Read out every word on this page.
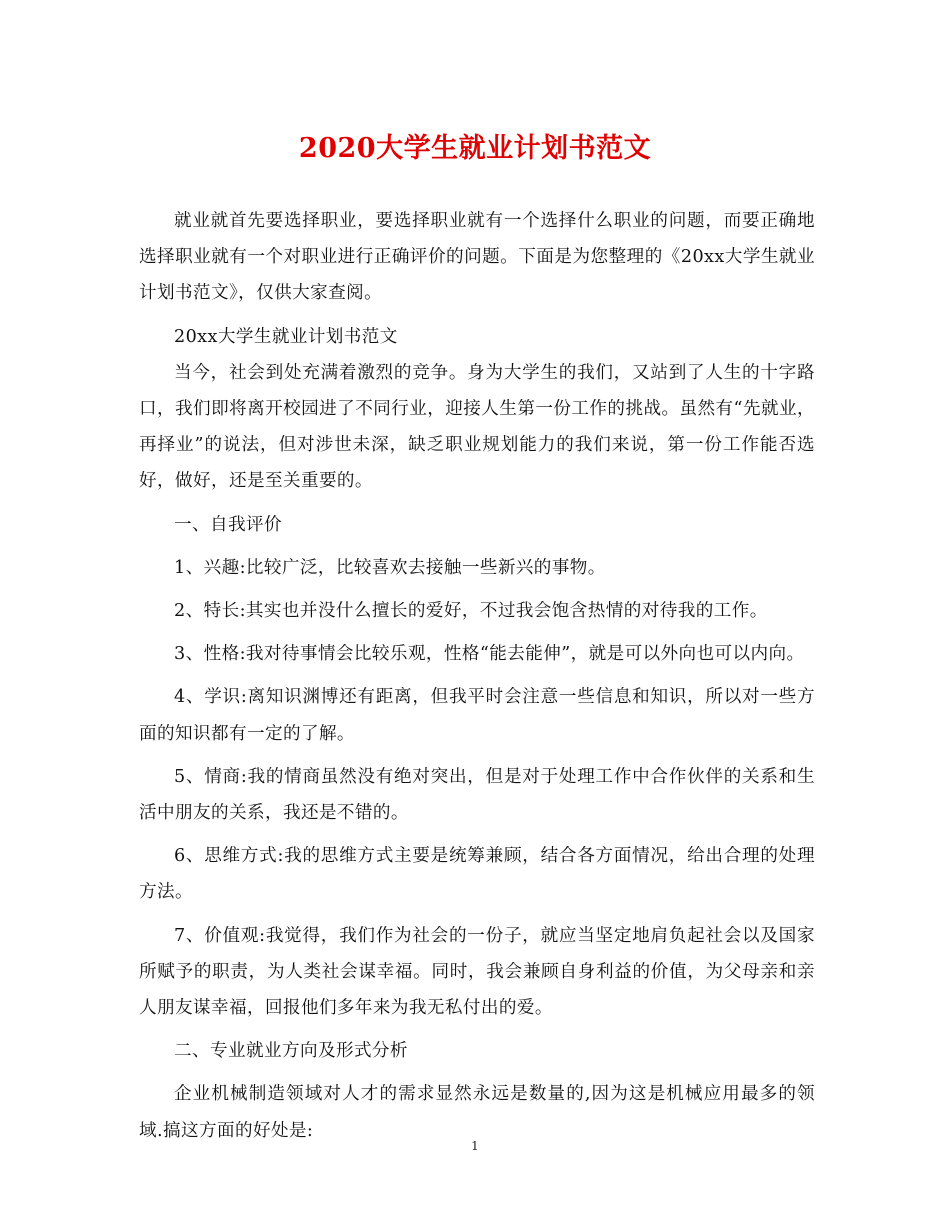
2020大学生就业计划书范文

就业就首先要选择职业，要选择职业就有一个选择什么职业的问题，而要正确地选择职业就有一个对职业进行正确评价的问题。下面是为您整理的《20xx大学生就业计划书范文》，仅供大家查阅。

20xx大学生就业计划书范文

当今，社会到处充满着激烈的竞争。身为大学生的我们，又站到了人生的十字路口，我们即将离开校园进了不同行业，迎接人生第一份工作的挑战。虽然有“先就业，再择业”的说法，但对涉世未深，缺乏职业规划能力的我们来说，第一份工作能否选好，做好，还是至关重要的。

一、自我评价

1、兴趣:比较广泛，比较喜欢去接触一些新兴的事物。

2、特长:其实也并没什么擅长的爱好，不过我会饱含热情的对待我的工作。

3、性格:我对待事情会比较乐观，性格“能去能伸”，就是可以外向也可以内向。

4、学识:离知识渊博还有距离，但我平时会注意一些信息和知识，所以对一些方面的知识都有一定的了解。

5、情商:我的情商虽然没有绝对突出，但是对于处理工作中合作伙伴的关系和生活中朋友的关系，我还是不错的。

6、思维方式:我的思维方式主要是统筹兼顾，结合各方面情况，给出合理的处理方法。

7、价值观:我觉得，我们作为社会的一份子，就应当坚定地肩负起社会以及国家所赋予的职责，为人类社会谋幸福。同时，我会兼顾自身利益的价值，为父母亲和亲人朋友谋幸福，回报他们多年来为我无私付出的爱。

二、专业就业方向及形式分析

企业机械制造领域对人才的需求显然永远是数量的,因为这是机械应用最多的领域.搞这方面的好处是:

1
